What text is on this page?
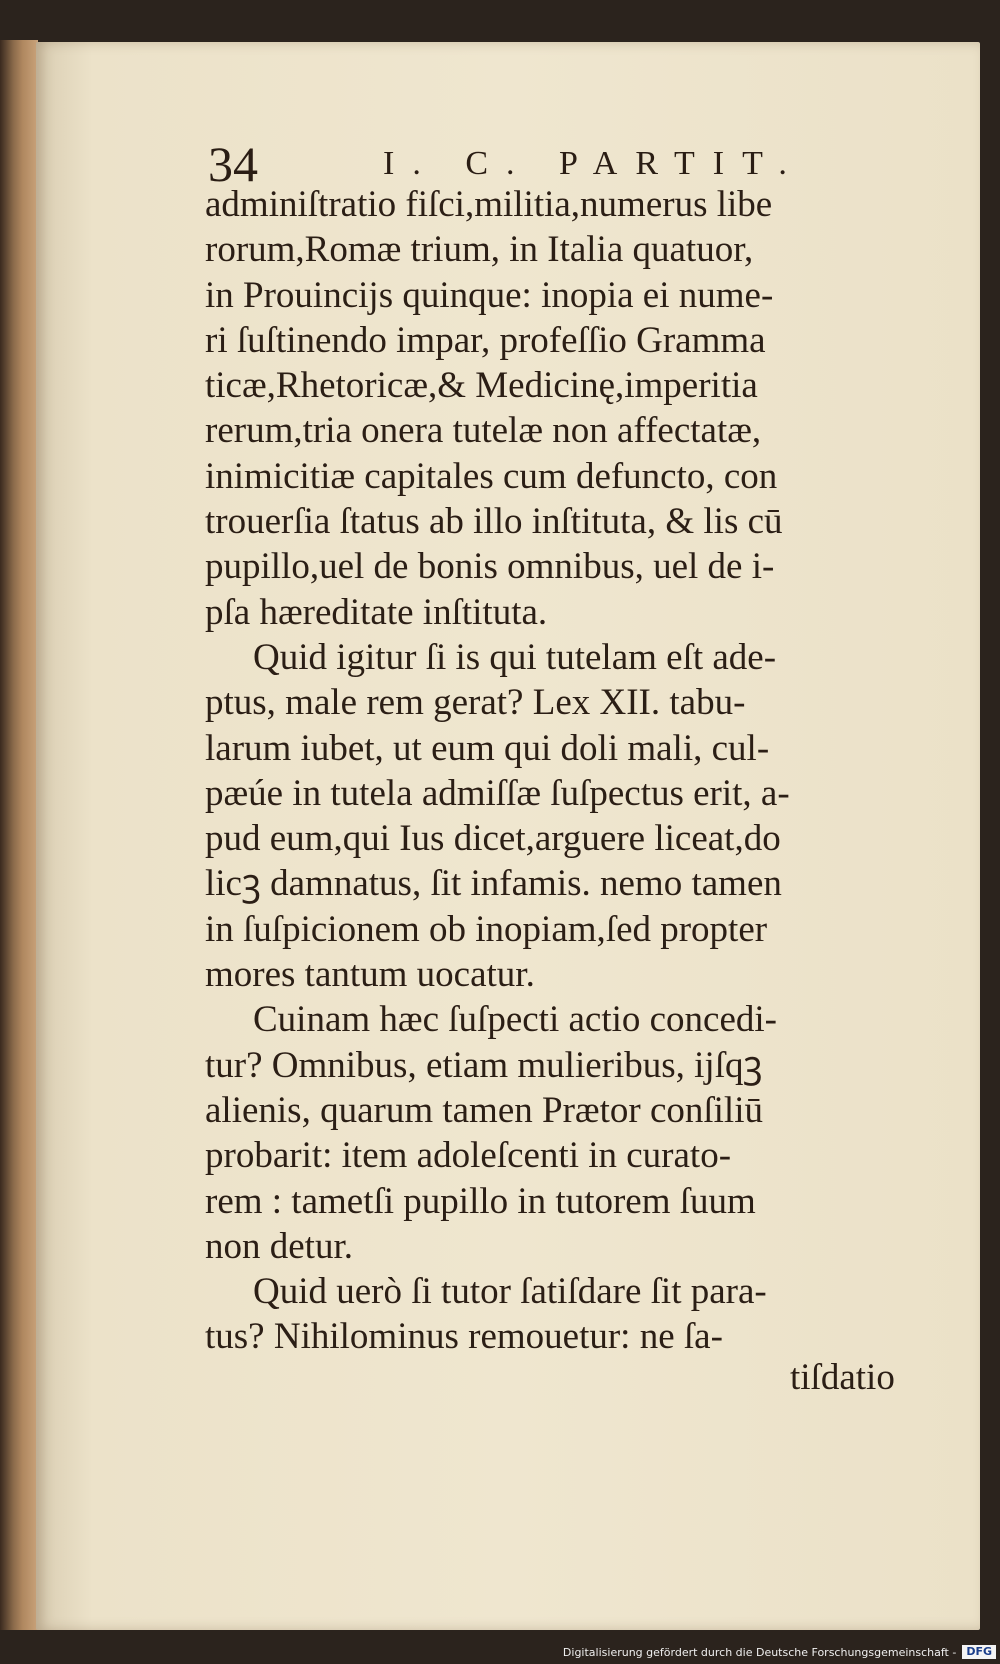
34	I. C. PARTIT.
adminiſtratio fiſci,militia,numerus libe
rorum,Romæ trium, in Italia quatuor,
in Prouincijs quinque: inopia ei nume-
ri ſuſtinendo impar, profeſſio Gramma
ticæ,Rhetoricæ,& Medicinę,imperitia
rerum,tria onera tutelæ non affectatæ,
inimicitiæ capitales cum defuncto, con
trouerſia ſtatus ab illo inſtituta, & lis cū
pupillo,uel de bonis omnibus, uel de i-
pſa hæreditate inſtituta.
Quid igitur ſi is qui tutelam eſt ade-
ptus, male rem gerat? Lex XII. tabu-
larum iubet, ut eum qui doli mali, cul-
pæúe in tutela admiſſæ ſuſpectus erit, a-
pud eum,qui Ius dicet,arguere liceat,do
licꝫ damnatus, ſit infamis. nemo tamen
in ſuſpicionem ob inopiam,ſed propter
mores tantum uocatur.
Cuinam hæc ſuſpecti actio concedi-
tur? Omnibus, etiam mulieribus, ijſqꝫ
alienis, quarum tamen Prætor conſiliū
probarit: item adoleſcenti in curato-
rem : tametſi pupillo in tutorem ſuum
non detur.
Quid uerò ſi tutor ſatiſdare ſit para-
tus? Nihilominus remouetur: ne ſa-
tiſdatio
Digitalisierung gefördert durch die Deutsche Forschungsgemeinschaft - DFG
